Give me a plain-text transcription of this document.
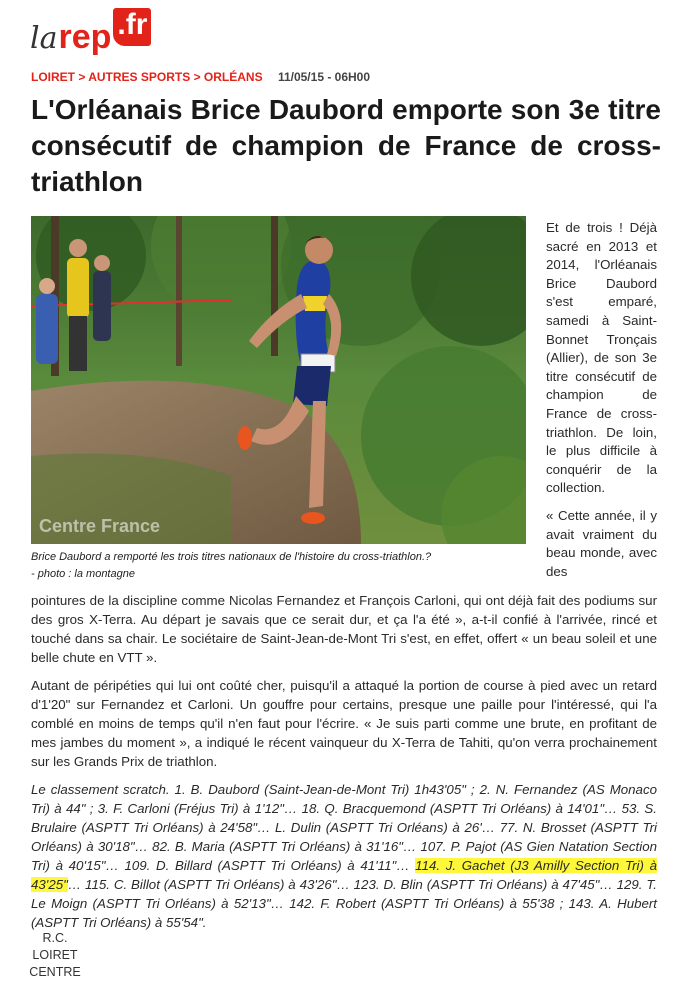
la rep .fr
LOIRET > AUTRES SPORTS > ORLÉANS 11/05/15 - 06H00
L'Orléanais Brice Daubord emporte son 3e titre consécutif de champion de France de cross-triathlon
Centre France
Brice Daubord a remporté les trois titres nationaux de l'histoire du cross-triathlon.?
- photo : la montagne

Et de trois ! Déjà sacré en 2013 et 2014, l'Orléanais Brice Daubord s'est emparé, samedi à Saint-Bonnet Tronçais (Allier), de son 3e titre consécutif de champion de France de cross-triathlon. De loin, le plus difficile à conquérir de la collection.

« Cette année, il y avait vraiment du beau monde, avec des

pointures de la discipline comme Nicolas Fernandez et François Carloni, qui ont déjà fait des podiums sur des gros X-Terra. Au départ je savais que ce serait dur, et ça l'a été », a-t-il confié à l'arrivée, rincé et touché dans sa chair. Le sociétaire de Saint-Jean-de-Mont Tri s'est, en effet, offert « un beau soleil et une belle chute en VTT ».

Autant de péripéties qui lui ont coûté cher, puisqu'il a attaqué la portion de course à pied avec un retard d'1'20" sur Fernandez et Carloni. Un gouffre pour certains, presque une paille pour l'intéressé, qui l'a comblé en moins de temps qu'il n'en faut pour l'écrire. « Je suis parti comme une brute, en profitant de mes jambes du moment », a indiqué le récent vainqueur du X-Terra de Tahiti, qu'on verra prochainement sur les Grands Prix de triathlon.

Le classement scratch. 1. B. Daubord (Saint-Jean-de-Mont Tri) 1h43'05" ; 2. N. Fernandez (AS Monaco Tri) à 44" ; 3. F. Carloni (Fréjus Tri) à 1'12"… 18. Q. Bracquemond (ASPTT Tri Orléans) à 14'01"… 53. S. Brulaire (ASPTT Tri Orléans) à 24'58"… L. Dulin (ASPTT Tri Orléans) à 26'… 77. N. Brosset (ASPTT Tri Orléans) à 30'18"… 82. B. Maria (ASPTT Tri Orléans) à 31'16"… 107. P. Pajot (AS Gien Natation Section Tri) à 40'15"… 109. D. Billard (ASPTT Tri Orléans) à 41'11"… 114. J. Gachet (J3 Amilly Section Tri) à 43'25"… 115. C. Billot (ASPTT Tri Orléans) à 43'26"… 123. D. Blin (ASPTT Tri Orléans) à 47'45"… 129. T. Le Moign (ASPTT Tri Orléans) à 52'13"… 142. F. Robert (ASPTT Tri Orléans) à 55'38 ; 143. A. Hubert (ASPTT Tri Orléans) à 55'54".

R.C.
LOIRET
CENTRE
